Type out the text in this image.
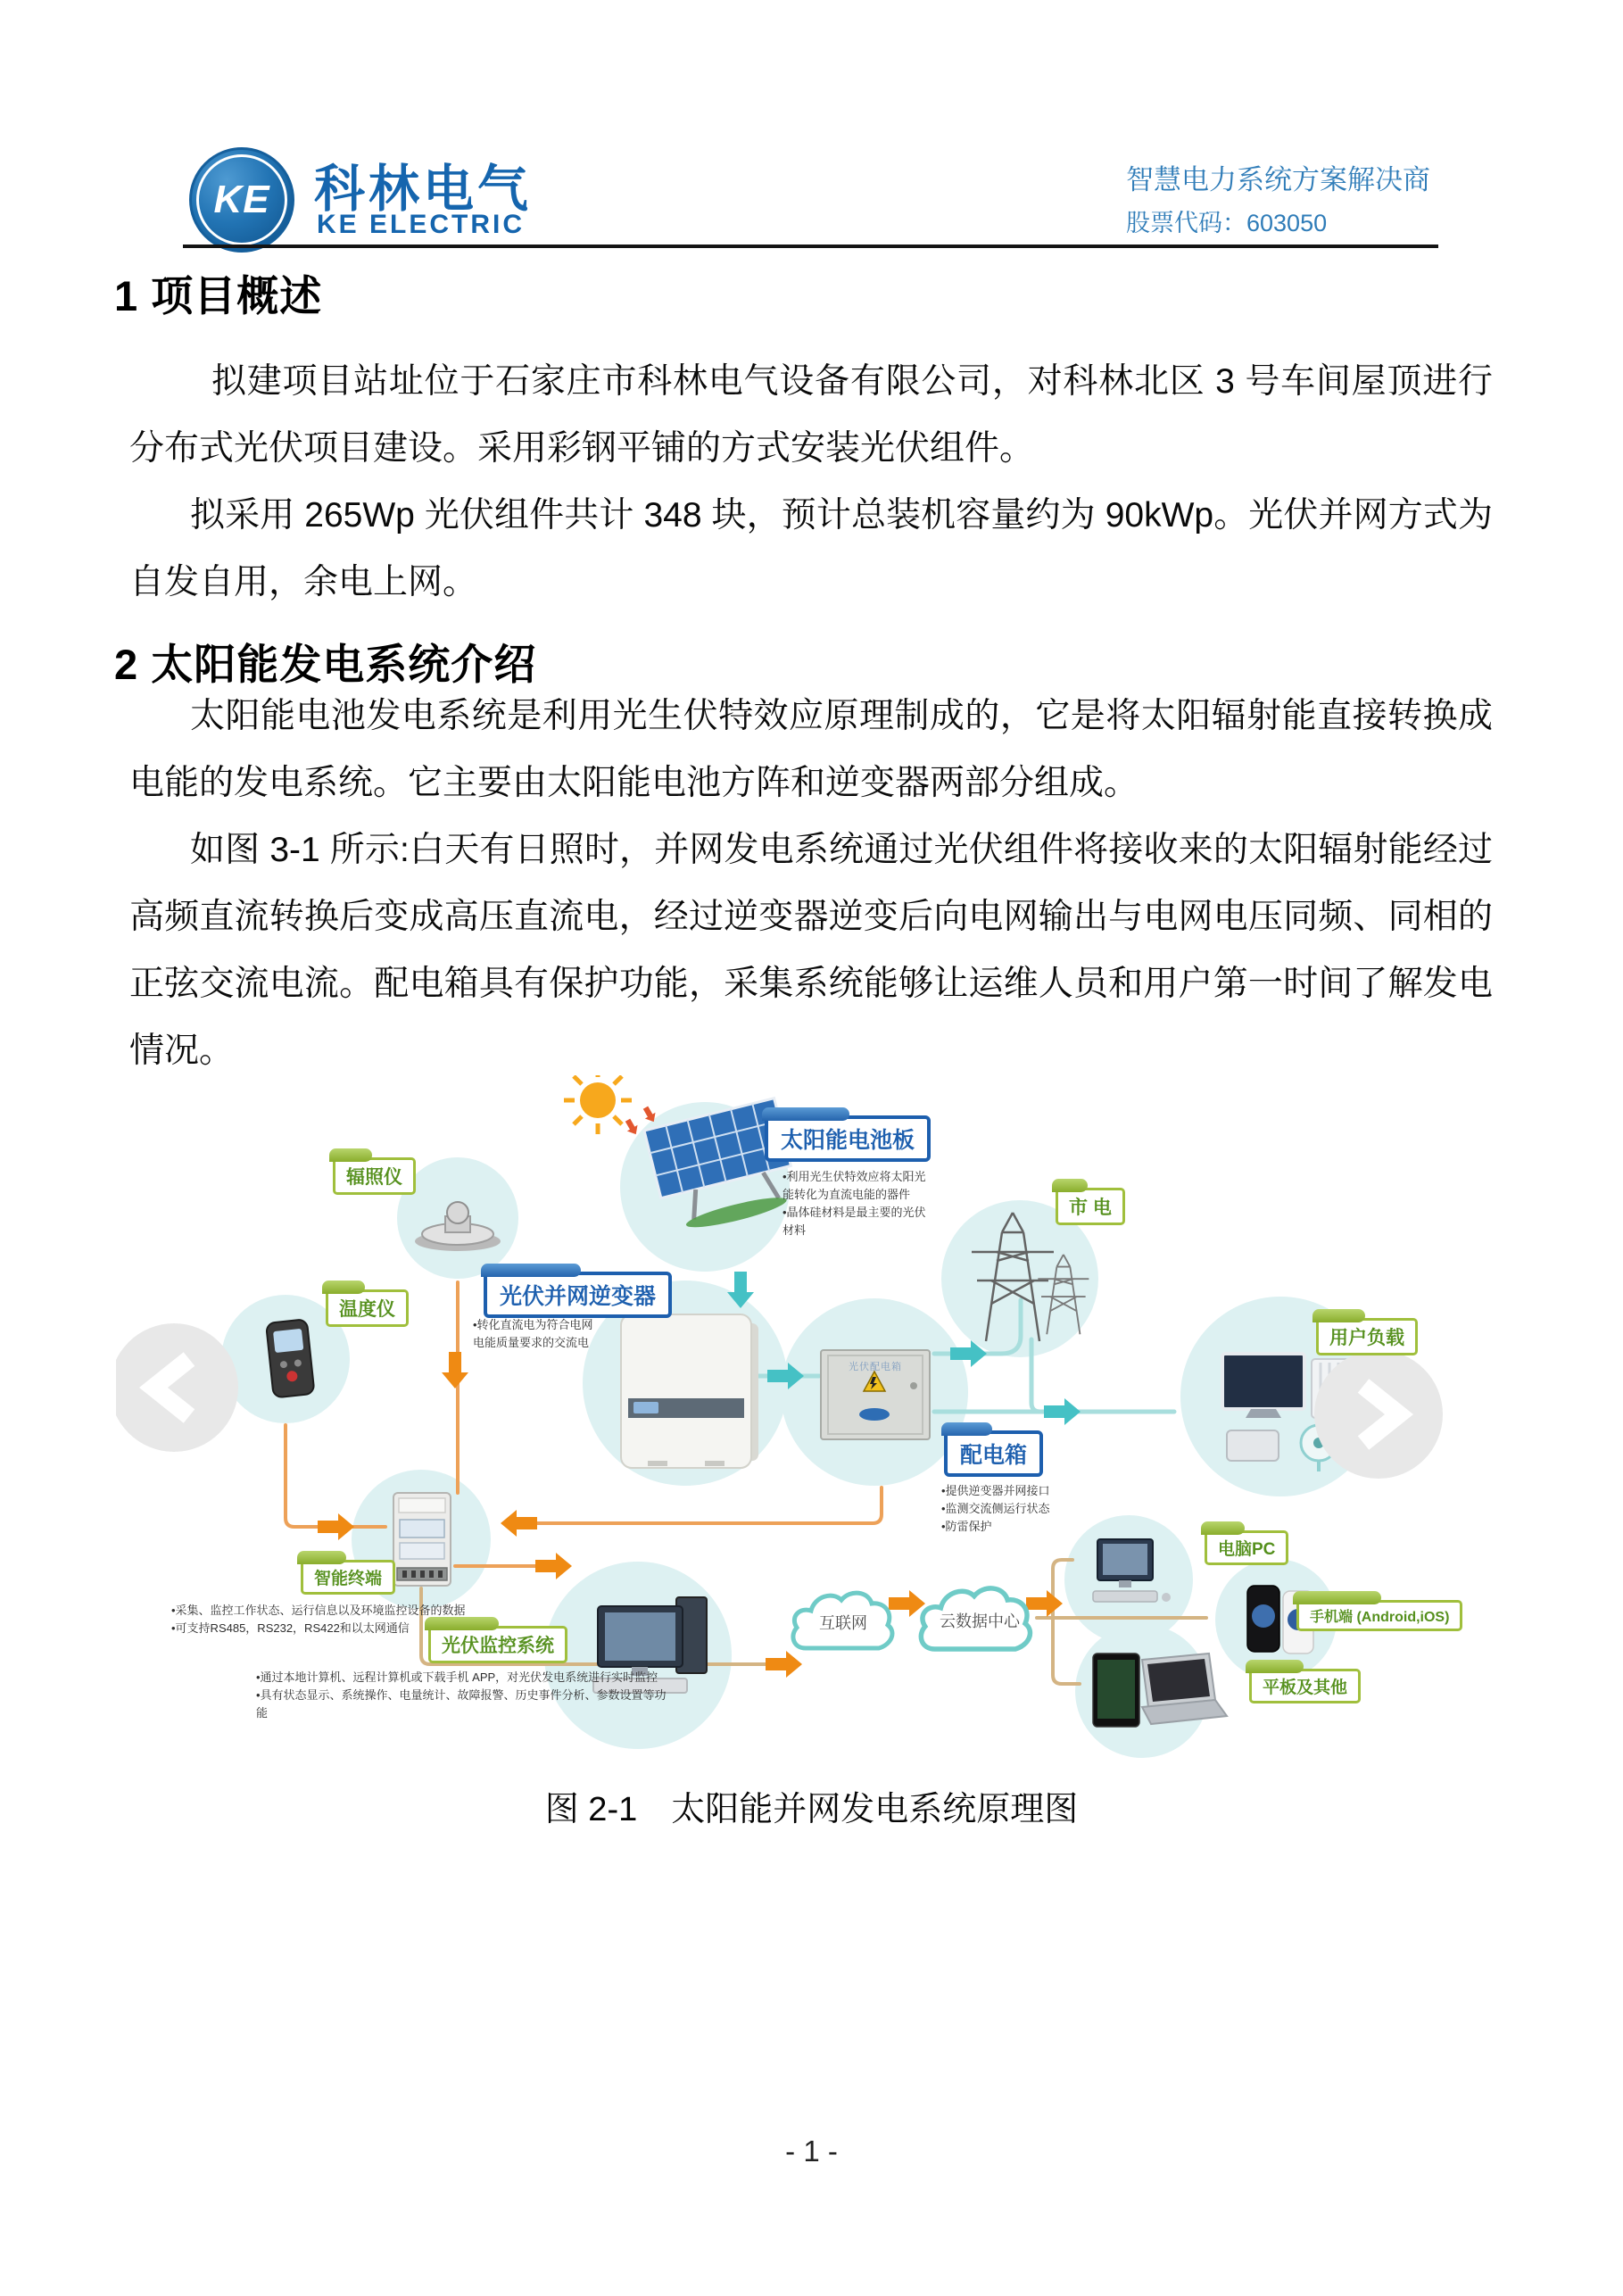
KE 科林电气
KE ELECTRIC
智慧电力系统方案解决商
股票代码：603050
1 项目概述
拟建项目站址位于石家庄市科林电气设备有限公司，对科林北区 3 号车间屋顶进行分布式光伏项目建设。采用彩钢平铺的方式安装光伏组件。
拟采用 265Wp 光伏组件共计 348 块，预计总装机容量约为 90kWp。光伏并网方式为自发自用，余电上网。
2 太阳能发电系统介绍
太阳能电池发电系统是利用光生伏特效应原理制成的，它是将太阳辐射能直接转换成电能的发电系统。它主要由太阳能电池方阵和逆变器两部分组成。
如图 3-1 所示:白天有日照时，并网发电系统通过光伏组件将接收来的太阳辐射能经过高频直流转换后变成高压直流电，经过逆变器逆变后向电网输出与电网电压同频、同相的正弦交流电流。配电箱具有保护功能，采集系统能够让运维人员和用户第一时间了解发电情况。
辐照仪
温度仪
太阳能电池板
•利用光生伏特效应将太阳光能转化为直流电能的器件
•晶体硅材料是最主要的光伏材料
光伏并网逆变器
•转化直流电为符合电网电能质量要求的交流电
市 电
配电箱
光伏配电箱
•提供逆变器并网接口
•监测交流侧运行状态
•防雷保护
用户负载
智能终端
•采集、监控工作状态、运行信息以及环境监控设备的数据
•可支持RS485，RS232，RS422和以太网通信
光伏监控系统
•通过本地计算机、远程计算机或下载手机 APP，对光伏发电系统进行实时监控
•具有状态显示、系统操作、电量统计、故障报警、历史事件分析、参数设置等功能
互联网	云数据中心
电脑PC
手机端 (Android,iOS)
平板及其他
图 2-1　太阳能并网发电系统原理图
- 1 -
